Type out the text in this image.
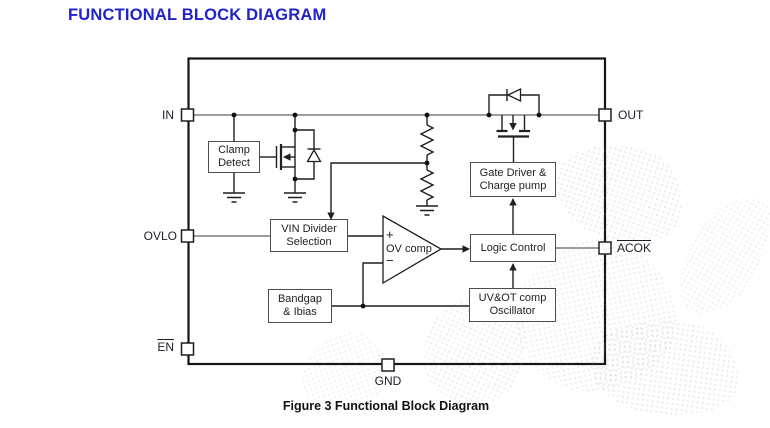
FUNCTIONAL BLOCK DIAGRAM
Clamp
Detect
VIN Divider
Selection
Bandgap
& Ibias
Gate Driver &
Charge pump
Logic Control
UV&OT comp
Oscillator
+
OV comp
−
IN
OVLO
$\overline{EN}$
OUT
ACOK
GND
Figure 3 Functional Block Diagram
